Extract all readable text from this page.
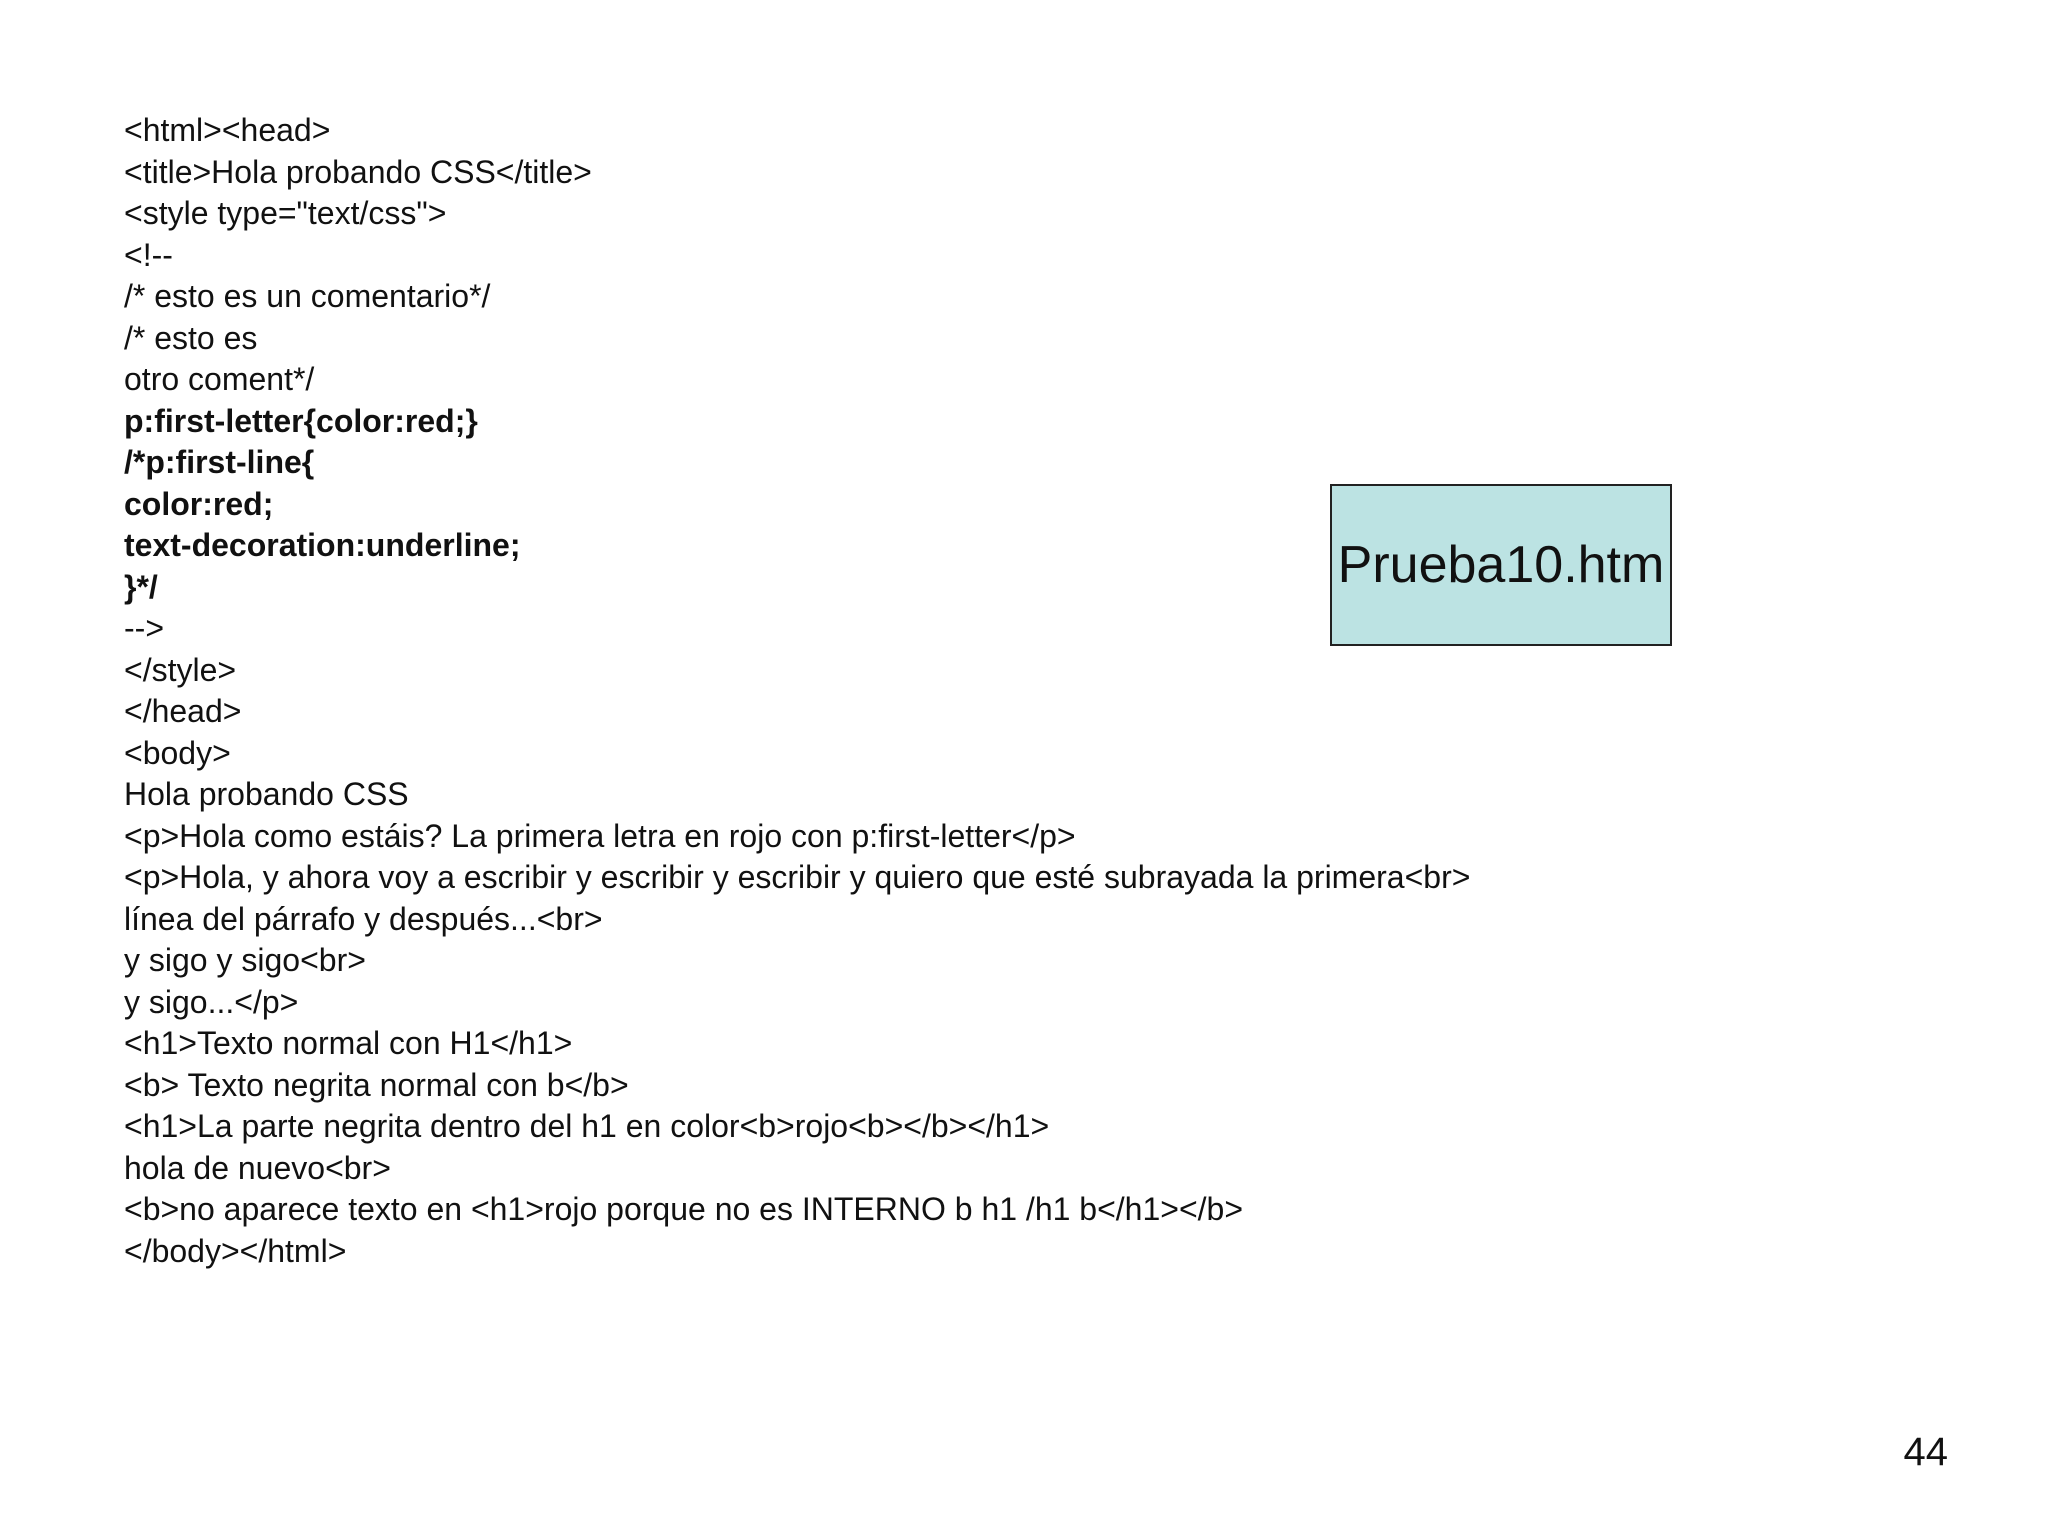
<html><head>
<title>Hola probando CSS</title>
<style type="text/css">
<!--
/* esto es un comentario*/
/* esto es
otro coment*/
p:first-letter{color:red;}
/*p:first-line{
color:red;
text-decoration:underline;
}*/
-->
</style>
</head>
<body>
Hola probando CSS
<p>Hola como estáis? La primera letra en rojo con p:first-letter</p>
<p>Hola, y ahora voy a escribir y escribir y escribir y quiero que esté subrayada la primera<br>
línea del párrafo y después...<br>
y sigo y sigo<br>
y sigo...</p>
<h1>Texto normal con H1</h1>
<b> Texto negrita normal con b</b>
<h1>La parte negrita dentro del h1 en color<b>rojo<b></b></h1>
hola de nuevo<br>
<b>no aparece texto en <h1>rojo porque no es INTERNO b h1 /h1 b</h1></b>
</body></html>
Prueba10.htm
44
